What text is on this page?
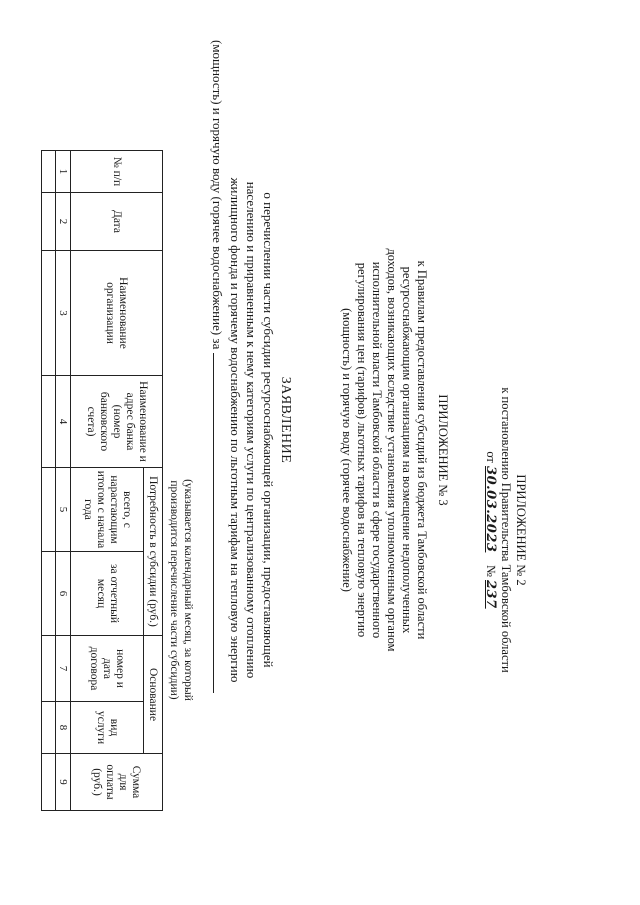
ПРИЛОЖЕНИЕ № 2
к постановлению Правительства Тамбовской области
от 30.03.2023    № 237
ПРИЛОЖЕНИЕ № 3
к Правилам предоставления субсидий из бюджета Тамбовской области
ресурсоснабжающим организациям на возмещение недополученных
доходов, возникающих вследствие установления уполномоченным органом
исполнительной власти Тамбовской области в сфере государственного
регулирования цен (тарифов) льготных тарифов на тепловую энергию
(мощность) и горячую воду (горячее водоснабжение)
ЗАЯВЛЕНИЕ
о перечислении части субсидии ресурсоснабжающей организации, предоставляющей
населению и приравненным к нему категориям услуги по централизованному отоплению
жилищного фонда и горячему водоснабжению по льготным тарифам на тепловую энергию
(мощность) и горячую воду (горячее водоснабжение) за
(указывается календарный месяц, за который
производится перечисление части субсидии)
№ п/п	Дата	Наименование организации	Наименование и адрес банка (номер банковского счета)	Потребность в субсидии (руб.)		Основание		Сумма для оплаты (руб.)
				всего, с нарастающим итогом с начала года	за отчетный месяц	номер и дата договора	вид услуги	
1	2	3	4	5	6	7	8	9
